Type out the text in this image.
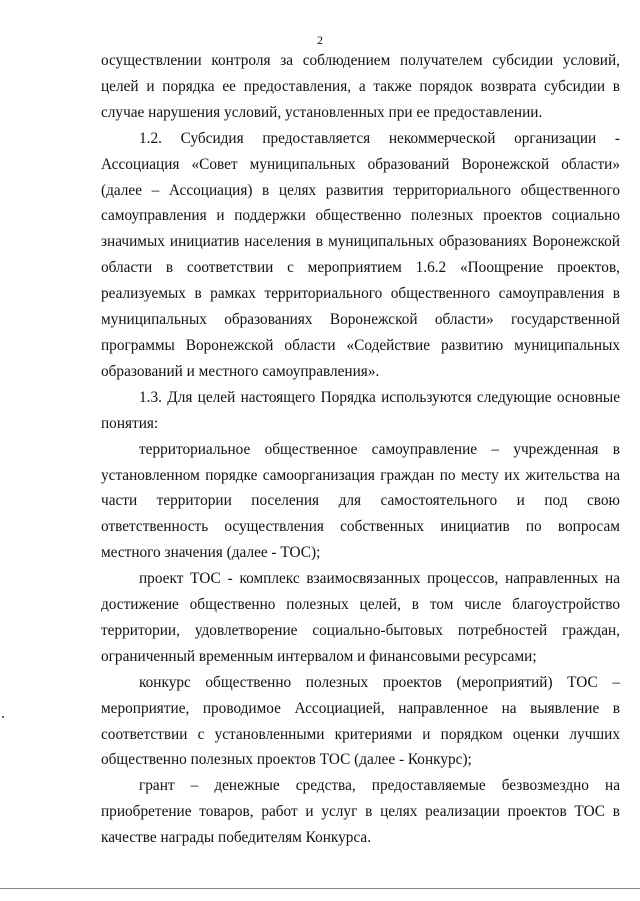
2

осуществлении контроля за соблюдением получателем субсидии условий, целей и порядка ее предоставления, а также порядок возврата субсидии в случае нарушения условий, установленных при ее предоставлении.

1.2. Субсидия предоставляется некоммерческой организации - Ассоциация «Совет муниципальных образований Воронежской области» (далее – Ассоциация) в целях развития территориального общественного самоуправления и поддержки общественно полезных проектов социально значимых инициатив населения в муниципальных образованиях Воронежской области в соответствии с мероприятием 1.6.2 «Поощрение проектов, реализуемых в рамках территориального общественного самоуправления в муниципальных образованиях Воронежской области» государственной программы Воронежской области «Содействие развитию муниципальных образований и местного самоуправления».

1.3. Для целей настоящего Порядка используются следующие основные понятия:

территориальное общественное самоуправление – учрежденная в установленном порядке самоорганизация граждан по месту их жительства на части территории поселения для самостоятельного и под свою ответственность осуществления собственных инициатив по вопросам местного значения (далее - ТОС);

проект ТОС - комплекс взаимосвязанных процессов, направленных на достижение общественно полезных целей, в том числе благоустройство территории, удовлетворение социально-бытовых потребностей граждан, ограниченный временным интервалом и финансовыми ресурсами;

конкурс общественно полезных проектов (мероприятий) ТОС – мероприятие, проводимое Ассоциацией, направленное на выявление в соответствии с установленными критериями и порядком оценки лучших общественно полезных проектов ТОС (далее - Конкурс);

грант – денежные средства, предоставляемые безвозмездно на приобретение товаров, работ и услуг в целях реализации проектов ТОС в качестве награды победителям Конкурса.
